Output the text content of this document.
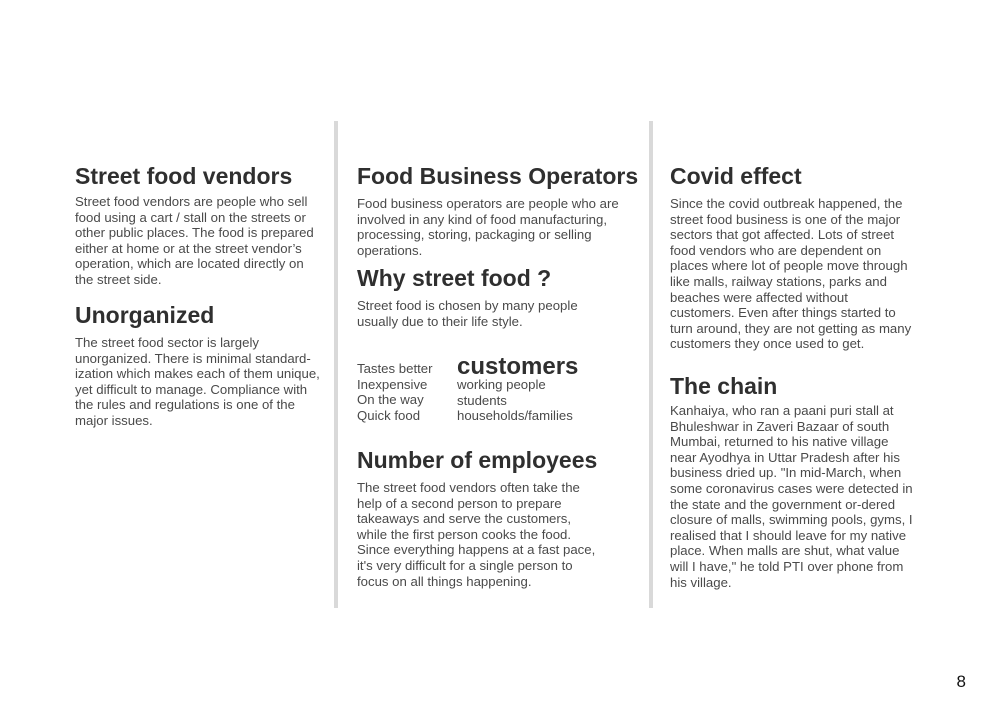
Street food vendors

Street food vendors are people who sell food using a cart / stall on the streets or other public places. The food is prepared either at home or at the street vendor’s operation, which are located directly on the street side.

Unorganized

The street food sector is largely unorganized. There is minimal standard-ization which makes each of them unique, yet difficult to manage. Compliance with the rules and regulations is one of the major issues.

Food Business Operators

Food business operators are people who are involved in any kind of food manufacturing, processing, storing, packaging or selling operations.

Why street food ?

Street food is chosen by many people usually due to their life style.

Tastes better
Inexpensive
On the way
Quick food
customers
working people
students
households/families
Number of employees

The street food vendors often take the help of a second person to prepare takeaways and serve the customers, while the first person cooks the food. Since everything happens at a fast pace, it's very difficult for a single person to focus on all things happening.

Covid effect

Since the covid outbreak happened, the street food business is one of the major sectors that got affected. Lots of street food vendors who are dependent on places where lot of people move through like malls, railway stations, parks and beaches were affected without customers. Even after things started to turn around, they are not getting as many customers they once used to get.

The chain

Kanhaiya, who ran a paani puri stall at Bhuleshwar in Zaveri Bazaar of south Mumbai, returned to his native village near Ayodhya in Uttar Pradesh after his business dried up. "In mid-March, when some coronavirus cases were detected in the state and the government or-dered closure of malls, swimming pools, gyms, I realised that I should leave for my native place. When malls are shut, what value will I have," he told PTI over phone from his village.

8
